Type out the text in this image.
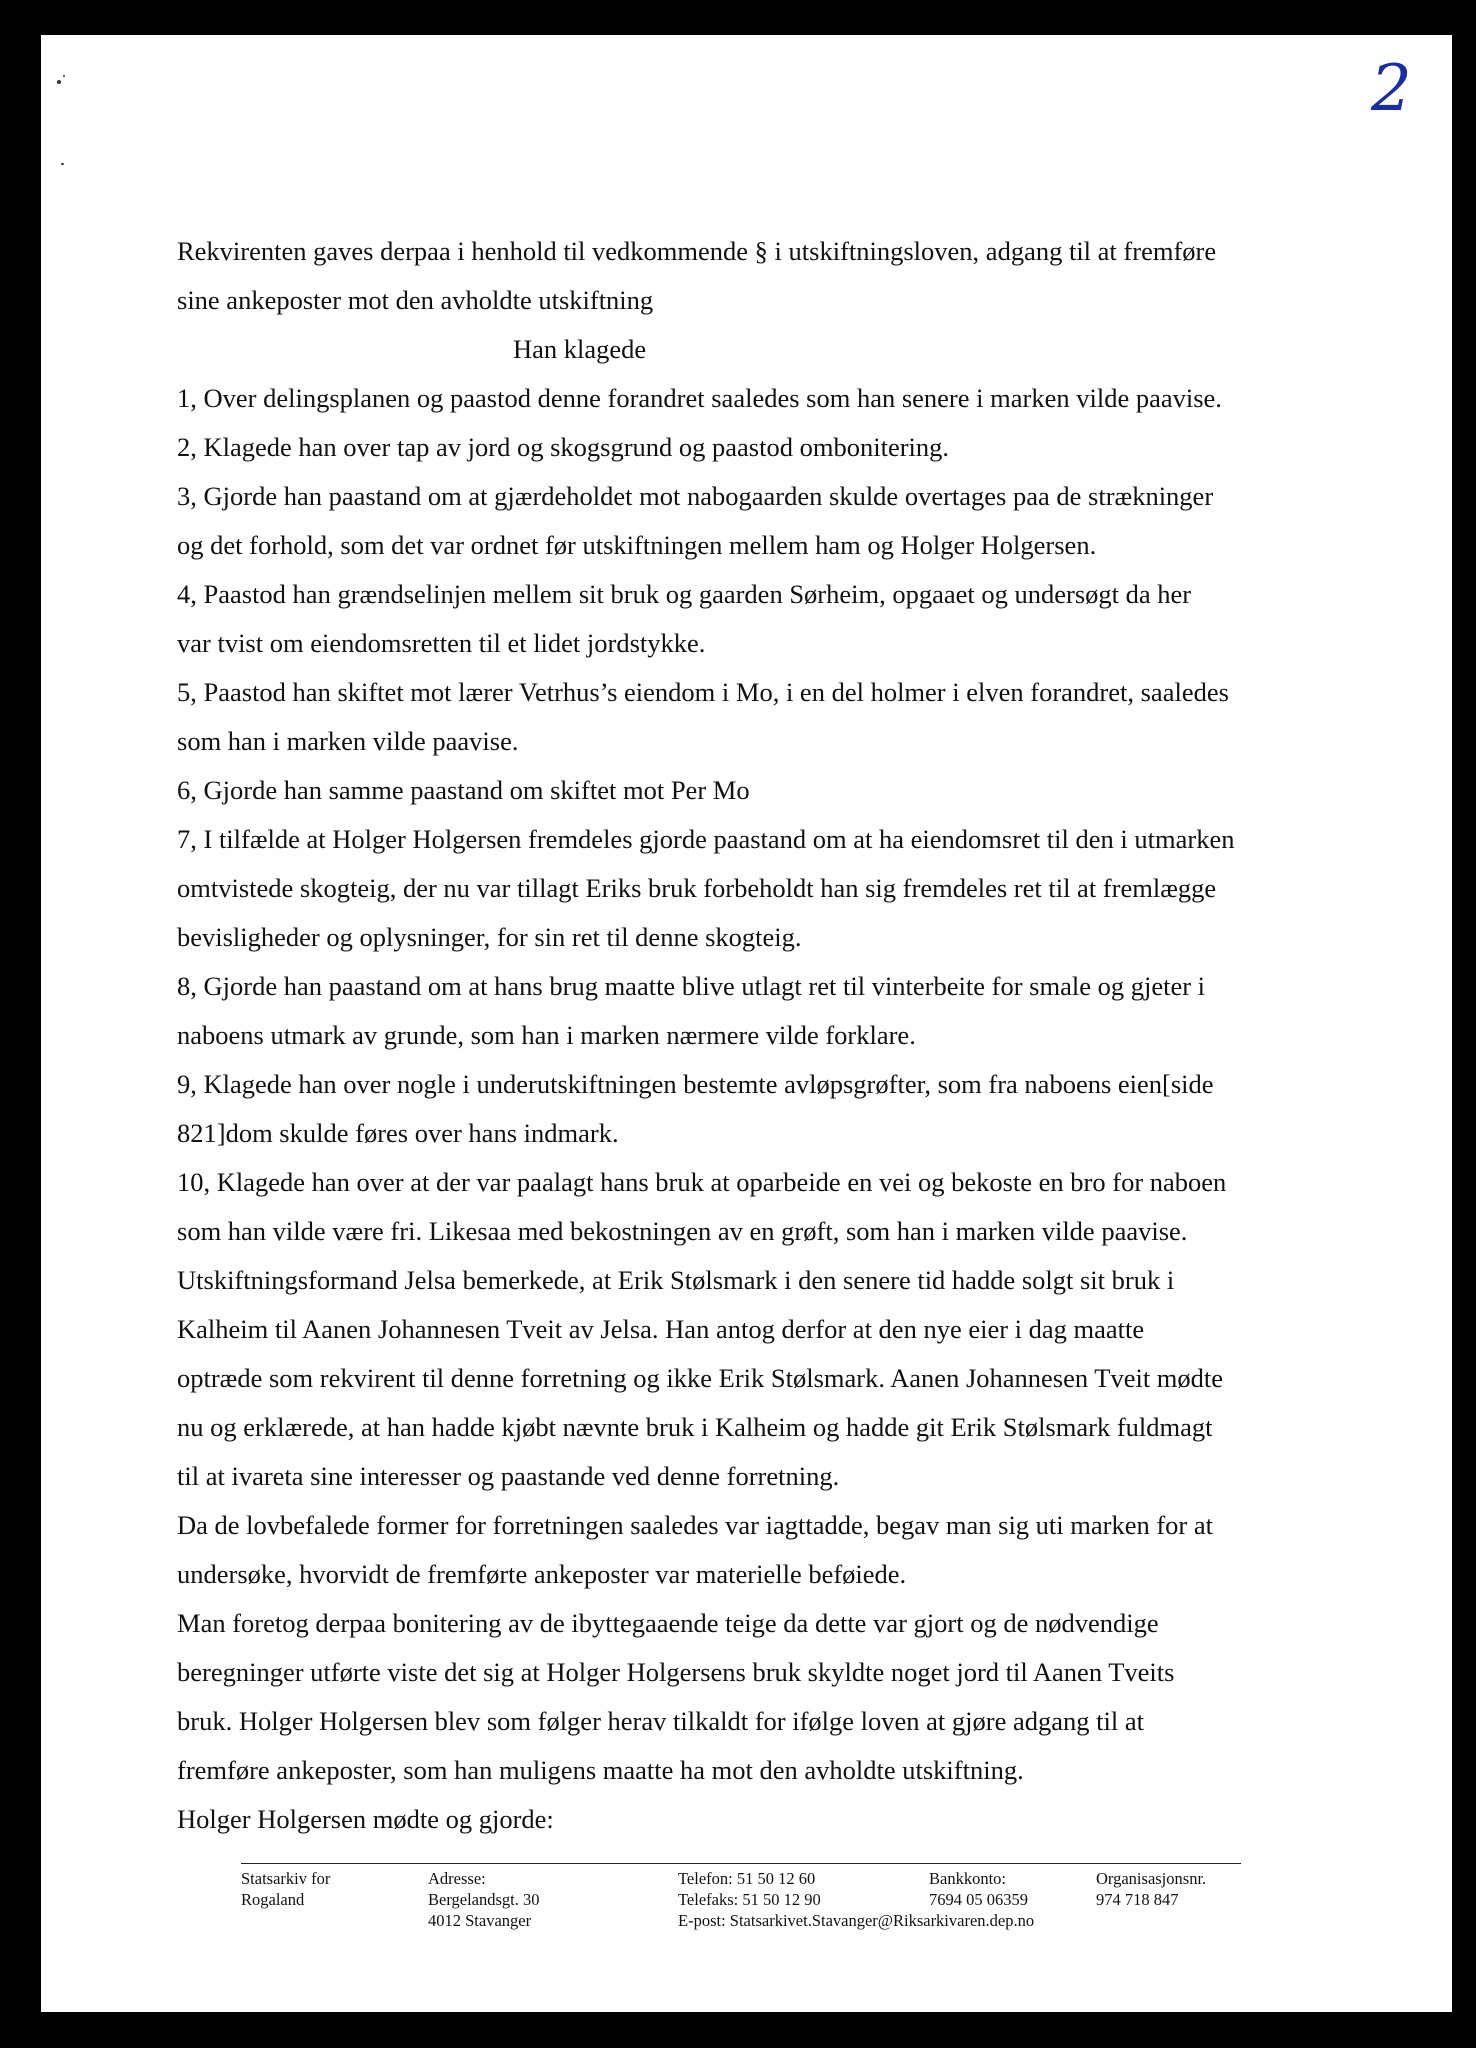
2
Rekvirenten gaves derpaa i henhold til vedkommende § i utskiftningsloven, adgang til at fremføre
sine ankeposter mot den avholdte utskiftning
Han klagede
1, Over delingsplanen og paastod denne forandret saaledes som han senere i marken vilde paavise.
2, Klagede han over tap av jord og skogsgrund og paastod ombonitering.
3, Gjorde han paastand om at gjærdeholdet mot nabogaarden skulde overtages paa de strækninger
og det forhold, som det var ordnet før utskiftningen mellem ham og Holger Holgersen.
4, Paastod han grændselinjen mellem sit bruk og gaarden Sørheim, opgaaet og undersøgt da her
var tvist om eiendomsretten til et lidet jordstykke.
5, Paastod han skiftet mot lærer Vetrhus’s eiendom i Mo, i en del holmer i elven forandret, saaledes
som han i marken vilde paavise.
6, Gjorde han samme paastand om skiftet mot Per Mo
7, I tilfælde at Holger Holgersen fremdeles gjorde paastand om at ha eiendomsret til den i utmarken
omtvistede skogteig, der nu var tillagt Eriks bruk forbeholdt han sig fremdeles ret til at fremlægge
bevisligheder og oplysninger, for sin ret til denne skogteig.
8, Gjorde han paastand om at hans brug maatte blive utlagt ret til vinterbeite for smale og gjeter i
naboens utmark av grunde, som han i marken nærmere vilde forklare.
9, Klagede han over nogle i underutskiftningen bestemte avløpsgrøfter, som fra naboens eien[side
821]dom skulde føres over hans indmark.
10, Klagede han over at der var paalagt hans bruk at oparbeide en vei og bekoste en bro for naboen
som han vilde være fri. Likesaa med bekostningen av en grøft, som han i marken vilde paavise.
Utskiftningsformand Jelsa bemerkede, at Erik Stølsmark i den senere tid hadde solgt sit bruk i
Kalheim til Aanen Johannesen Tveit av Jelsa. Han antog derfor at den nye eier i dag maatte
optræde som rekvirent til denne forretning og ikke Erik Stølsmark. Aanen Johannesen Tveit mødte
nu og erklærede, at han hadde kjøbt nævnte bruk i Kalheim og hadde git Erik Stølsmark fuldmagt
til at ivareta sine interesser og paastande ved denne forretning.
Da de lovbefalede former for forretningen saaledes var iagttadde, begav man sig uti marken for at
undersøke, hvorvidt de fremførte ankeposter var materielle beføiede.
Man foretog derpaa bonitering av de ibyttegaaende teige da dette var gjort og de nødvendige
beregninger utførte viste det sig at Holger Holgersens bruk skyldte noget jord til Aanen Tveits
bruk. Holger Holgersen blev som følger herav tilkaldt for ifølge loven at gjøre adgang til at
fremføre ankeposter, som han muligens maatte ha mot den avholdte utskiftning.
Holger Holgersen mødte og gjorde:
Statsarkiv for
Rogaland
Adresse:
Bergelandsgt. 30
4012 Stavanger
Telefon: 51 50 12 60
Telefaks: 51 50 12 90
E-post: Statsarkivet.Stavanger@Riksarkivaren.dep.no
Bankkonto:
7694 05 06359
Organisasjonsnr.
974 718 847
